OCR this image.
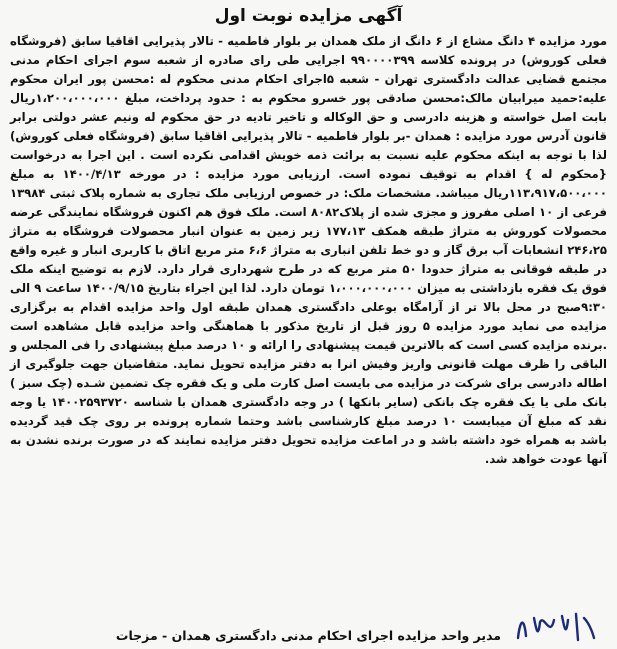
آگهی مزایده نوبت اول

مورد مزایده ۴ دانگ مشاع از ۶ دانگ از ملک همدان بر بلوار فاطمیه - تالار پذیرایی اقاقیا سابق (فروشگاه فعلی کوروش) در پرونده کلاسه ۹۹۰۰۰۰۳۹۹ اجرایی طی رای صادره از شعبه سوم اجرای احکام مدنی مجتمع قضایی عدالت دادگستری تهران - شعبه ۵اجرای احکام مدنی محکوم له :محسن پور ایران محکوم علیه:حمید میرابیان مالک:محسن صادقی پور خسرو محکوم به : حدود پرداخت، مبلغ ۱،۲۰۰،۰۰۰،۰۰۰ریال بابت اصل خواسته و هزینه دادرسی و حق الوکاله و تاخیر تادیه در حق محکوم له ونیم عشر دولتی برابر قانون آدرس مورد مزایده : همدان -بر بلوار فاطمیه - تالار پذیرایی اقاقیا سابق (فروشگاه فعلی کوروش) لذا با توجه به اینکه محکوم علیه نسبت به برائت ذمه خویش اقدامی نکرده است . این اجرا به درخواست {محکوم له } اقدام به توقیف نموده است. ارزیابی مورد مزایده : در مورخه ۱۴۰۰/۴/۱۳ به مبلغ ۱۱۳،۹۱۷،۵۰۰،۰۰۰ریال میباشد. مشخصات ملک: در خصوص ارزیابی ملک تجاری به شماره پلاک ثبتی ۱۳۹۸۴ فرعی از ۱۰ اصلی مفروز و مجزی شده از پلاک۸۰۸۲ است. ملک فوق هم اکنون فروشگاه نمایندگی عرضه محصولات کوروش به متراژ طبقه همکف ۱۷۷،۱۳ زیر زمین به عنوان انبار محصولات فروشگاه به متراژ ۲۴۶،۲۵ انشعابات آب برق گاز و دو خط تلفن انباری به متراژ ۶،۶ متر مربع اتاق با کاربری انبار و غیره واقع در طبقه فوقانی به متراژ حدودا ۵۰ متر مربع که در طرح شهرداری قرار دارد. لازم به توضیح اینکه ملک فوق یک فقره بازداشتی به میزان ۱،۰۰۰،۰۰۰،۰۰۰ تومان دارد. لذا این اجراء بتاریخ ۱۴۰۰/۹/۱۵ ساعت ۹ الی ۹:۳۰صبح در محل بالا تر از آرامگاه بوعلی دادگستری همدان طبقه اول واحد مزایده اقدام به برگزاری مزایده می نماید مورد مزایده ۵ روز قبل از تاریخ مذکور با هماهنگی واحد مزایده قابل مشاهده است .برنده مزایده کسی است که بالاترین قیمت پیشنهادی را ارائه و ۱۰ درصد مبلغ پیشنهادی را فی المجلس و الباقی را ظرف مهلت قانونی واریز وفیش انرا به دفتر مزایده تحویل نماید. متقاضیان جهت جلوگیری از اطاله دادرسی برای شرکت در مزایده می بایست اصل کارت ملی و یک فقره چک تضمین شـده (چک سبز ) بانک ملی یا یک فقره چک بانکی (سایر بانکها ) در وجه دادگستری همدان با شناسه ۱۴۰۰۲۵۹۳۷۲۰ یا وجه نقد که مبلغ آن میبایست ۱۰ درصد مبلغ کارشناسی باشد وحتما شماره پرونده بر روی چک قید گردیده باشد به همراه خود داشته باشد و در اماعت مزایده تحویل دفتر مزایده نمایند که در صورت برنده نشدن به آنها عودت خواهد شد.

مدیر واحد مزایده اجرای احکام مدنی دادگستری همدان - مزجات
